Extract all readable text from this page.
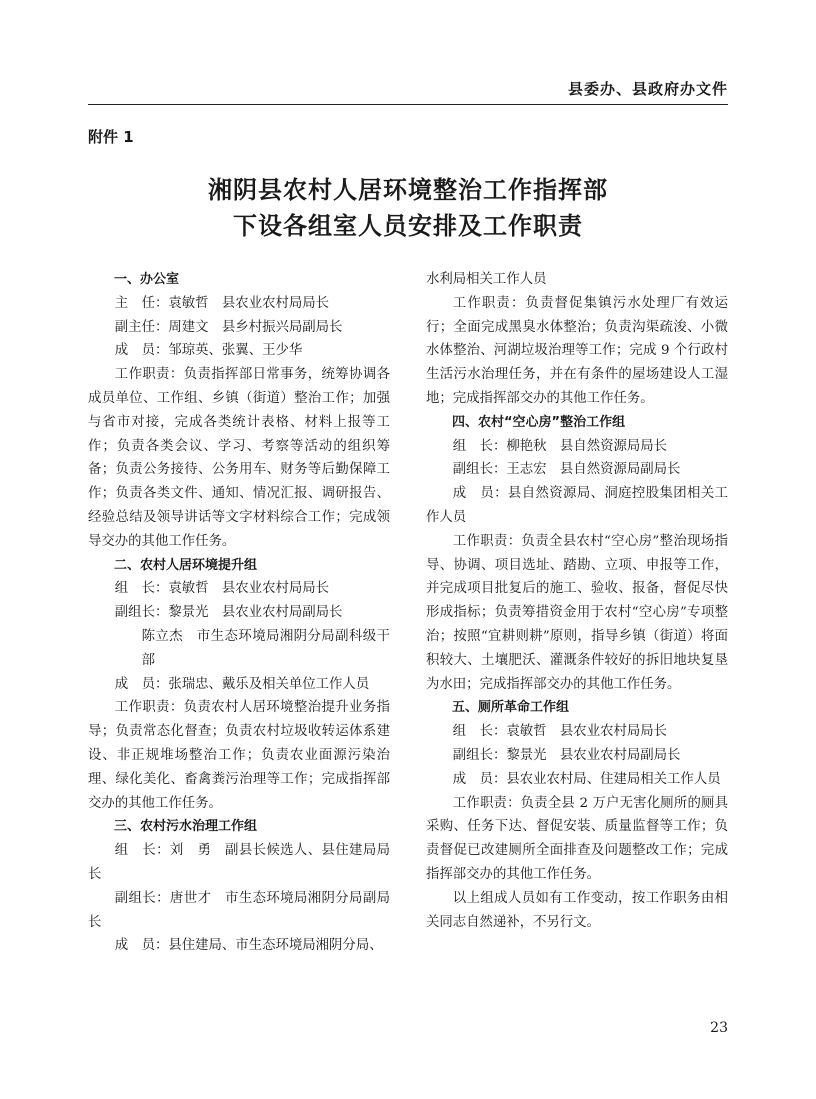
县委办、县政府办文件
附件 1
湘阴县农村人居环境整治工作指挥部
下设各组室人员安排及工作职责

一、办公室

主　任：袁敏哲　县农业农村局局长

副主任：周建文　县乡村振兴局副局长

成　员：邹琼英、张翼、王少华

工作职责：负责指挥部日常事务，统筹协调各成员单位、工作组、乡镇（街道）整治工作；加强与省市对接，完成各类统计表格、材料上报等工作；负责各类会议、学习、考察等活动的组织筹备；负责公务接待、公务用车、财务等后勤保障工作；负责各类文件、通知、情况汇报、调研报告、经验总结及领导讲话等文字材料综合工作；完成领导交办的其他工作任务。

二、农村人居环境提升组

组　长：袁敏哲　县农业农村局局长

副组长：黎景光　县农业农村局副局长

陈立杰　市生态环境局湘阴分局副科级干部

成　员：张瑞忠、戴乐及相关单位工作人员

工作职责：负责农村人居环境整治提升业务指导；负责常态化督查；负责农村垃圾收转运体系建设、非正规堆场整治工作；负责农业面源污染治理、绿化美化、畜禽粪污治理等工作；完成指挥部交办的其他工作任务。

三、农村污水治理工作组

组　长：刘　勇　副县长候选人、县住建局局长

副组长：唐世才　市生态环境局湘阴分局副局长

成　员：县住建局、市生态环境局湘阴分局、

水利局相关工作人员

工作职责：负责督促集镇污水处理厂有效运行；全面完成黑臭水体整治；负责沟渠疏浚、小微水体整治、河湖垃圾治理等工作；完成 9 个行政村生活污水治理任务，并在有条件的屋场建设人工湿地；完成指挥部交办的其他工作任务。

四、农村“空心房”整治工作组

组　长：柳艳秋　县自然资源局局长

副组长：王志宏　县自然资源局副局长

成　员：县自然资源局、洞庭控股集团相关工作人员

工作职责：负责全县农村“空心房”整治现场指导、协调、项目选址、踏勘、立项、申报等工作，并完成项目批复后的施工、验收、报备，督促尽快形成指标；负责筹措资金用于农村“空心房”专项整治；按照“宜耕则耕”原则，指导乡镇（街道）将面积较大、土壤肥沃、灌溉条件较好的拆旧地块复垦为水田；完成指挥部交办的其他工作任务。

五、厕所革命工作组

组　长：袁敏哲　县农业农村局局长

副组长：黎景光　县农业农村局副局长

成　员：县农业农村局、住建局相关工作人员

工作职责：负责全县 2 万户无害化厕所的厕具采购、任务下达、督促安装、质量监督等工作；负责督促已改建厕所全面排查及问题整改工作；完成指挥部交办的其他工作任务。

以上组成人员如有工作变动，按工作职务由相关同志自然递补，不另行文。

23
